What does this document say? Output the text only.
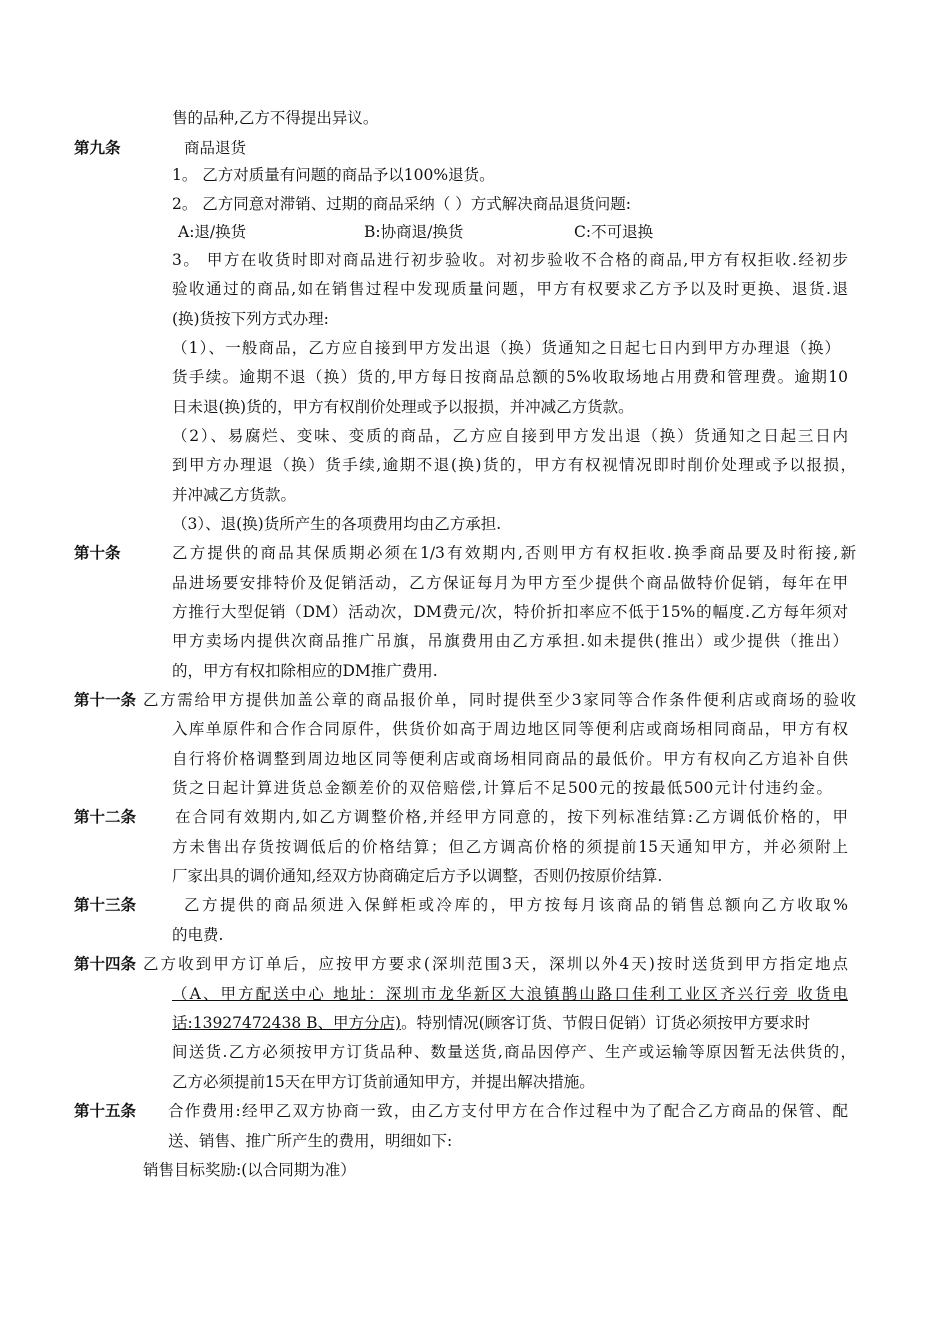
售的品种,乙方不得提出异议。
第九条	商品退货
1。 乙方对质量有问题的商品予以100%退货。
2。 乙方同意对滞销、过期的商品采纳（ ）方式解决商品退货问题:
A:退/换货	B:协商退/换货	C:不可退换
3。 甲方在收货时即对商品进行初步验收。对初步验收不合格的商品,甲方有权拒收.经初步
验收通过的商品,如在销售过程中发现质量问题，甲方有权要求乙方予以及时更换、退货.退
(换)货按下列方式办理:
（1）、一般商品，乙方应自接到甲方发出退（换）货通知之日起七日内到甲方办理退（换）
货手续。逾期不退（换）货的,甲方每日按商品总额的5%收取场地占用费和管理费。逾期10
日未退(换)货的，甲方有权削价处理或予以报损，并冲减乙方货款。
（2）、易腐烂、变味、变质的商品，乙方应自接到甲方发出退（换）货通知之日起三日内
到甲方办理退（换）货手续,逾期不退(换)货的，甲方有权视情况即时削价处理或予以报损，
并冲减乙方货款。
（3）、退(换)货所产生的各项费用均由乙方承担.
第十条	乙方提供的商品其保质期必须在1/3有效期内,否则甲方有权拒收.换季商品要及时衔接,新
品进场要安排特价及促销活动，乙方保证每月为甲方至少提供个商品做特价促销，每年在甲
方推行大型促销（DM）活动次，DM费元/次，特价折扣率应不低于15%的幅度.乙方每年须对
甲方卖场内提供次商品推广吊旗，吊旗费用由乙方承担.如未提供(推出）或少提供（推出）
的，甲方有权扣除相应的DM推广费用.
第十一条 乙方需给甲方提供加盖公章的商品报价单，同时提供至少3家同等合作条件便利店或商场的验收
入库单原件和合作合同原件，供货价如高于周边地区同等便利店或商场相同商品，甲方有权
自行将价格调整到周边地区同等便利店或商场相同商品的最低价。甲方有权向乙方追补自供
货之日起计算进货总金额差价的双倍赔偿,计算后不足500元的按最低500元计付违约金。
第十二条	在合同有效期内,如乙方调整价格,并经甲方同意的，按下列标准结算:乙方调低价格的，甲
方未售出存货按调低后的价格结算；但乙方调高价格的须提前15天通知甲方，并必须附上
厂家出具的调价通知,经双方协商确定后方予以调整，否则仍按原价结算.
第十三条	乙方提供的商品须进入保鲜柜或冷库的，甲方按每月该商品的销售总额向乙方收取%
的电费.
第十四条 乙方收到甲方订单后，应按甲方要求(深圳范围3天，深圳以外4天)按时送货到甲方指定地点
（A、甲方配送中心 地址：深圳市龙华新区大浪镇鹊山路口佳利工业区齐兴行旁 收货电
话:13927472438 B、甲方分店)。特别情况(顾客订货、节假日促销）订货必须按甲方要求时
间送货.乙方必须按甲方订货品种、数量送货,商品因停产、生产或运输等原因暂无法供货的，
乙方必须提前15天在甲方订货前通知甲方，并提出解决措施。
第十五条 合作费用:经甲乙双方协商一致，由乙方支付甲方在合作过程中为了配合乙方商品的保管、配
送、销售、推广所产生的费用，明细如下:
销售目标奖励:(以合同期为准）
